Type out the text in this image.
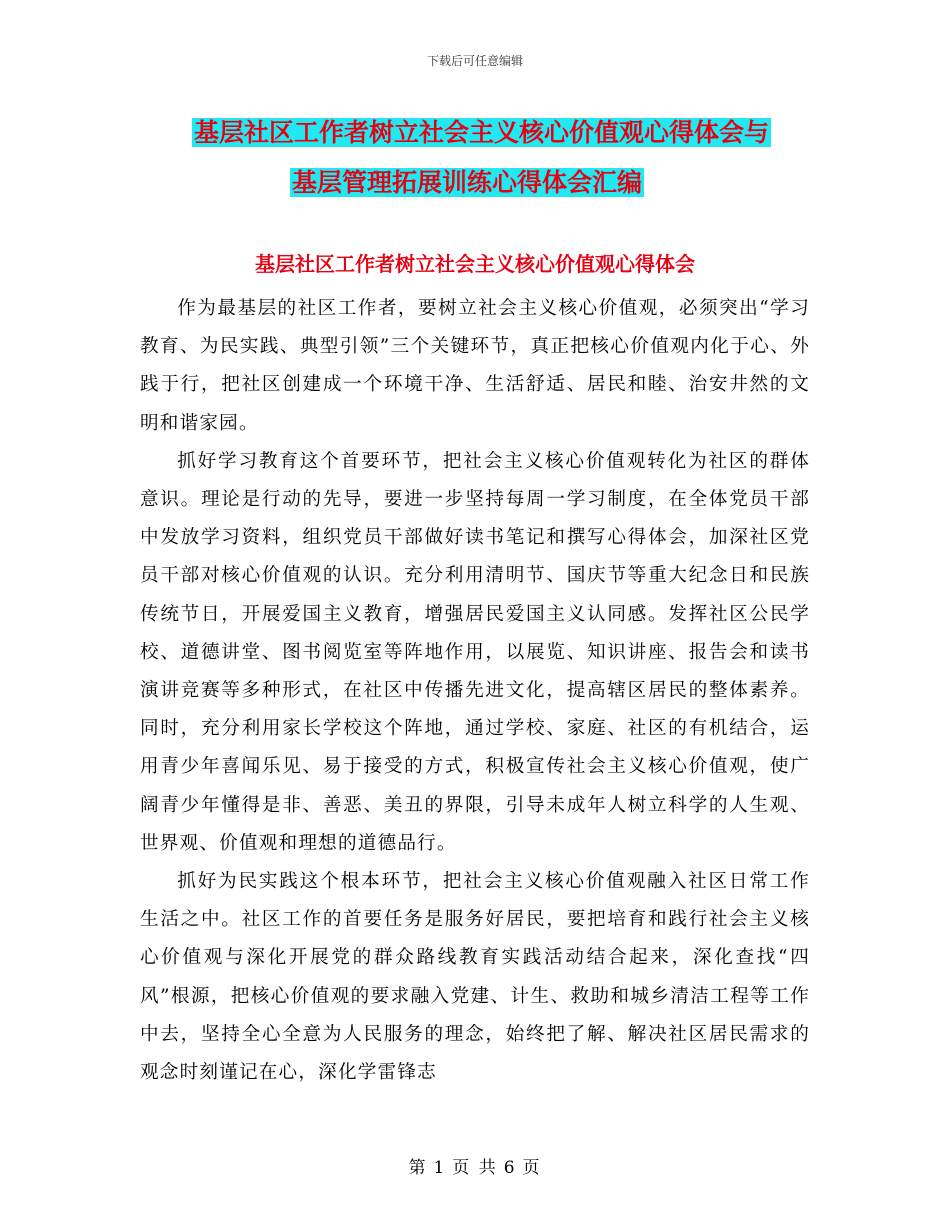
下载后可任意编辑
基层社区工作者树立社会主义核心价值观心得体会与
基层管理拓展训练心得体会汇编
基层社区工作者树立社会主义核心价值观心得体会

作为最基层的社区工作者，要树立社会主义核心价值观，必须突出“学习教育、为民实践、典型引领”三个关键环节，真正把核心价值观内化于心、外践于行，把社区创建成一个环境干净、生活舒适、居民和睦、治安井然的文明和谐家园。

抓好学习教育这个首要环节，把社会主义核心价值观转化为社区的群体意识。理论是行动的先导，要进一步坚持每周一学习制度，在全体党员干部中发放学习资料，组织党员干部做好读书笔记和撰写心得体会，加深社区党员干部对核心价值观的认识。充分利用清明节、国庆节等重大纪念日和民族传统节日，开展爱国主义教育，增强居民爱国主义认同感。发挥社区公民学校、道德讲堂、图书阅览室等阵地作用，以展览、知识讲座、报告会和读书演讲竞赛等多种形式，在社区中传播先进文化，提高辖区居民的整体素养。同时，充分利用家长学校这个阵地，通过学校、家庭、社区的有机结合，运用青少年喜闻乐见、易于接受的方式，积极宣传社会主义核心价值观，使广阔青少年懂得是非、善恶、美丑的界限，引导未成年人树立科学的人生观、世界观、价值观和理想的道德品行。

抓好为民实践这个根本环节，把社会主义核心价值观融入社区日常工作生活之中。社区工作的首要任务是服务好居民，要把培育和践行社会主义核心价值观与深化开展党的群众路线教育实践活动结合起来，深化查找“四风”根源，把核心价值观的要求融入党建、计生、救助和城乡清洁工程等工作中去，坚持全心全意为人民服务的理念，始终把了解、解决社区居民需求的观念时刻谨记在心，深化学雷锋志

第 1 页 共 6 页
